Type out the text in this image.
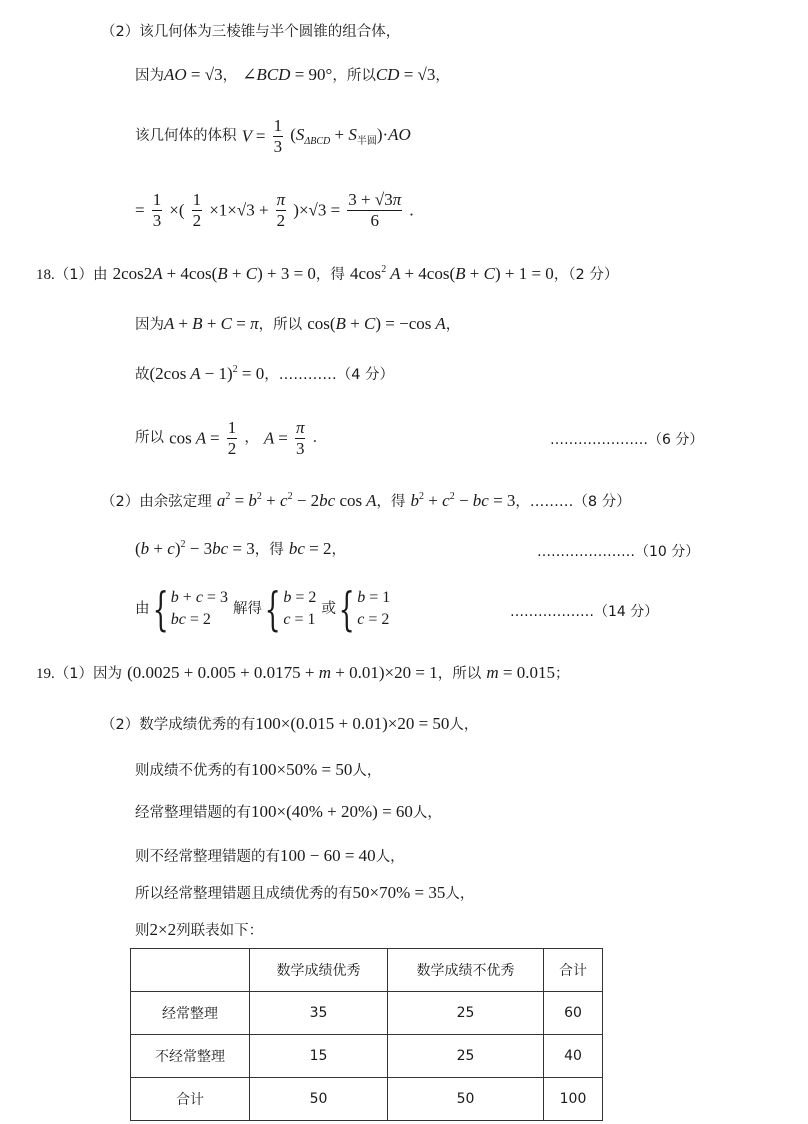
（2）该几何体为三棱锥与半个圆锥的组合体，
因为AO = √3， ∠BCD = 90°，所以CD = √3，
该几何体的体积 $V = \frac{1}{3} (S_{\Delta BCD} + S_{半圆})\cdot AO$
= $\frac{1}{3}$ ×( $\frac{1}{2} \times 1\times√3 + \frac{\pi}{2} )\times√3 = \frac{3 + √3\pi}{6}$ .
18.（1）由 2cos2A + 4cos(B + C) + 3 = 0，得 $4\cos^2$ A + 4cos(B + C) + 1 = 0，（2 分）
因为A + B + C = π，所以 cos(B + C) = −cos A，
故(2cos A − 1)$^2$ = 0，…………（4 分）
所以 $\cos A = \frac{1}{2}$ ， $A = \frac{\pi}{3}$ ．	…………………（6 分）
（2）由余弦定理 $a^2 = b^2 + c^2 - 2bc$ cos A，得 $b^2 + c^2$ − bc = 3，………（8 分）
$(b + c)^2 - 3bc = 3$，得 bc = 2，	…………………（10 分）
由{ b + c = 3
bc = 2 解得{ b = 2
c = 1 或{ b = 1
c = 2	………………（14 分）
19.（1）因为 (0.0025 + 0.005 + 0.0175 + m + 0.01)×20 = 1，所以 m = 0.015；
（2）数学成绩优秀的有100×(0.015 + 0.01)×20 = 50人，
则成绩不优秀的有100×50% = 50人，
经常整理错题的有100×(40% + 20%) = 60人，
则不经常整理错题的有100 − 60 = 40人，
所以经常整理错题且成绩优秀的有50×70% = 35人，
则2×2列联表如下：
	数学成绩优秀	数学成绩不优秀	合计
经常整理	35	25	60
不经常整理	15	25	40
合计	50	50	100
